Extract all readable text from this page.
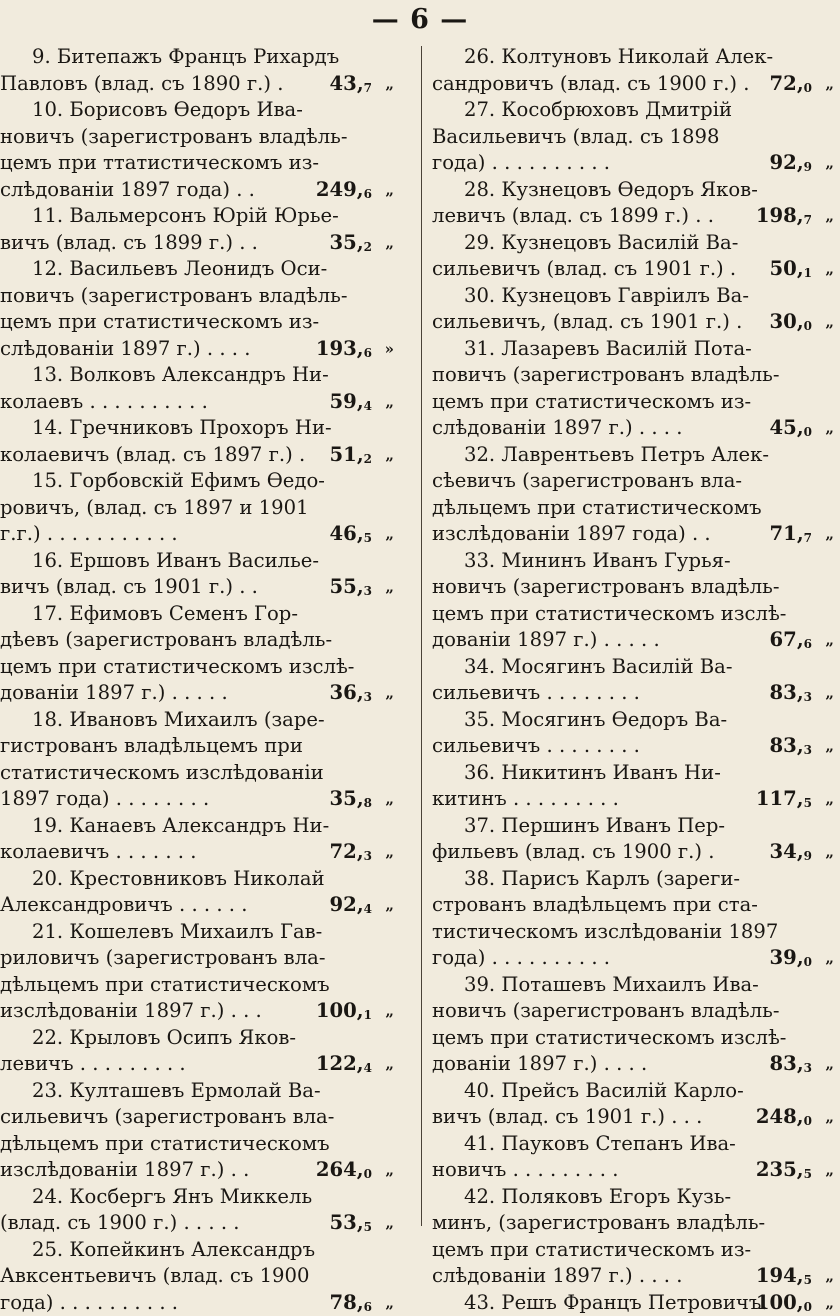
— 6 —
9. Битепажъ Францъ Рихардъ
Павловъ (влад. съ 1890 г.) . $43,_7$ „
10. Борисовъ Өедоръ Ива-
новичъ (зарегистрованъ владѣль-
цемъ при ттатистическомъ из-
слѣдованіи 1897 года) . .	$249,_6$ „
11. Вальмерсонъ Юрій Юрье-
вичъ (влад. съ 1899 г.) . .	$35,_2$ „
12. Васильевъ Леонидъ Оси-
повичъ (зарегистрованъ владѣль-
цемъ при статистическомъ из-
слѣдованіи 1897 г.) . . . .	$193,_6$ »
13. Волковъ Александръ Ни-
колаевъ . . . . . . . . . .	$59,_4$ „
14. Гречниковъ Прохоръ Ни-
колаевичъ (влад. съ 1897 г.) . $51,_2$ „
15. Горбовскій Ефимъ Өедо-
ровичъ, (влад. съ 1897 и 1901
г.г.) . . . . . . . . . . .	$46,_5$ „
16. Ершовъ Иванъ Василье-
вичъ (влад. съ 1901 г.) . .	$55,_3$ „
17. Ефимовъ Семенъ Гор-
дѣевъ (зарегистрованъ владѣль-
цемъ при статистическомъ изслѣ-
дованіи 1897 г.) . . . . .	$36,_3$ „
18. Ивановъ Михаилъ (заре-
гистрованъ владѣльцемъ при
статистическомъ изслѣдованіи
1897 года) . . . . . . . .	$35,_8$ „
19. Канаевъ Александръ Ни-
колаевичъ . . . . . . .	$72,_3$ „
20. Крестовниковъ Николай
Александровичъ . . . . . .	$92,_4$ „
21. Кошелевъ Михаилъ Гав-
риловичъ (зарегистрованъ вла-
дѣльцемъ при статистическомъ
изслѣдованіи 1897 г.) . . .	$100,_1$ „
22. Крыловъ Осипъ Яков-
левичъ . . . . . . . . .	$122,_4$ „
23. Култашевъ Ермолай Ва-
сильевичъ (зарегистрованъ вла-
дѣльцемъ при статистическомъ
изслѣдованіи 1897 г.) . .	$264,_0$ „
24. Косбергъ Янъ Миккель
(влад. съ 1900 г.) . . . . .	$53,_5$ „
25. Копейкинъ Александръ
Авксентьевичъ (влад. съ 1900
года) . . . . . . . . . .	$78,_6$ „
26. Колтуновъ Николай Алек-
сандровичъ (влад. съ 1900 г.) . $72,_0$ „
27. Кособрюховъ Дмитрій
Васильевичъ (влад. съ 1898
года) . . . . . . . . . .	$92,_9$ „
28. Кузнецовъ Өедоръ Яков-
левичъ (влад. съ 1899 г.) . . $198,_7$ „
29. Кузнецовъ Василій Ва-
сильевичъ (влад. съ 1901 г.) . $50,_1$ „
30. Кузнецовъ Гавріилъ Ва-
сильевичъ, (влад. съ 1901 г.) . $30,_0$ „
31. Лазаревъ Василій Пота-
повичъ (зарегистрованъ владѣль-
цемъ при статистическомъ из-
слѣдованіи 1897 г.) . . . .	$45,_0$ „
32. Лаврентьевъ Петръ Алек-
сѣевичъ (зарегистрованъ вла-
дѣльцемъ при статистическомъ
изслѣдованіи 1897 года) . .	$71,_7$ „
33. Мининъ Иванъ Гурья-
новичъ (зарегистрованъ владѣль-
цемъ при статистическомъ изслѣ-
дованіи 1897 г.) . . . . .	$67,_6$ „
34. Мосягинъ Василій Ва-
сильевичъ . . . . . . . .	$83,_3$ „
35. Мосягинъ Өедоръ Ва-
сильевичъ . . . . . . . .	$83,_3$ „
36. Никитинъ Иванъ Ни-
китинъ . . . . . . . . .	$117,_5$ „
37. Першинъ Иванъ Пер-
фильевъ (влад. съ 1900 г.) .	$34,_9$ „
38. Парисъ Карлъ (зареги-
строванъ владѣльцемъ при ста-
тистическомъ изслѣдованіи 1897
года) . . . . . . . . . .	$39,_0$ „
39. Поташевъ Михаилъ Ива-
новичъ (зарегистрованъ владѣль-
цемъ при статистическомъ изслѣ-
дованіи 1897 г.) . . . .	$83,_3$ „
40. Прейсъ Василій Карло-
вичъ (влад. съ 1901 г.) . . .	$248,_0$ „
41. Пауковъ Степанъ Ива-
новичъ . . . . . . . . .	$235,_5$ „
42. Поляковъ Егоръ Кузь-
минъ, (зарегистрованъ владѣль-
цемъ при статистическомъ из-
слѣдованіи 1897 г.) . . . .	$194,_5$ „
43. Решъ Францъ Петровичъ.
$100,_0$ „
